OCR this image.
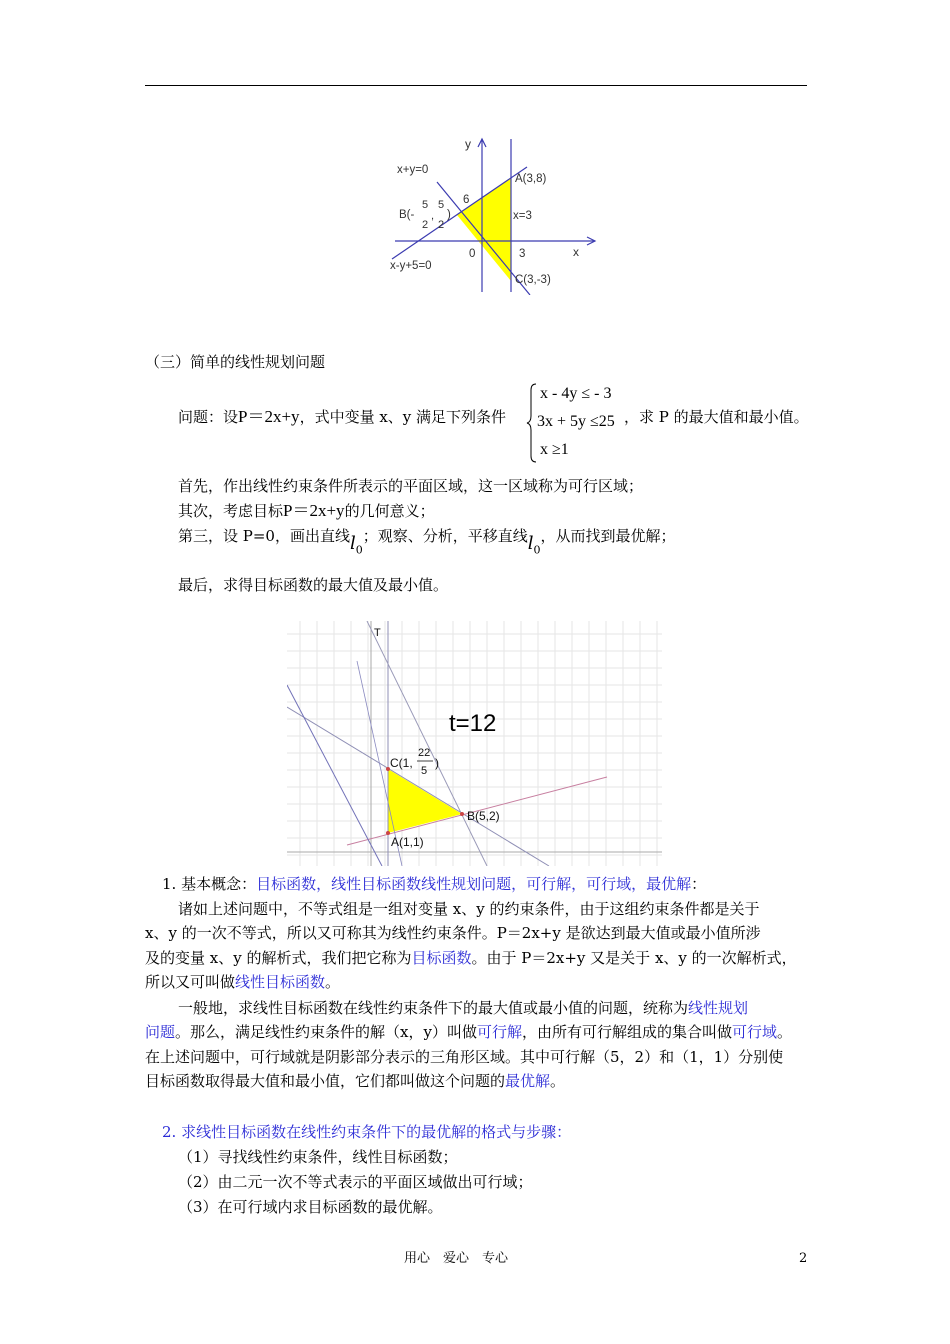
y
x
x+y=0
x-y+5=0
x=3
A(3,8)
C(3,-3)
6
0	3
B(-
5
2
,
5
2
)
（三）简单的线性规划问题
问题：设P＝2x+y，式中变量 x、y 满足下列条件
x - 4y ≤ - 3
3x + 5y ≤25
x ≥1
，求 P 的最大值和最小值。
首先，作出线性约束条件所表示的平面区域，这一区域称为可行区域；
其次，考虑目标P＝2x+y的几何意义；
第三，设 P=0，画出直线$l_0$；观察、分析，平移直线$l_0$，从而找到最优解；
最后，求得目标函数的最大值及最小值。
T
t=12
C(1,
22
5
)
B(5,2)
A(1,1)
1. 基本概念：目标函数，线性目标函数线性规划问题，可行解，可行域，最优解：
诸如上述问题中，不等式组是一组对变量 x、y 的约束条件，由于这组约束条件都是关于
x、y 的一次不等式，所以又可称其为线性约束条件。P＝2x+y 是欲达到最大值或最小值所涉
及的变量 x、y 的解析式，我们把它称为目标函数。由于 P＝2x+y 又是关于 x、y 的一次解析式，
所以又可叫做线性目标函数。
一般地，求线性目标函数在线性约束条件下的最大值或最小值的问题，统称为线性规划
问题。那么，满足线性约束条件的解（x，y）叫做可行解，由所有可行解组成的集合叫做可行域。
在上述问题中，可行域就是阴影部分表示的三角形区域。其中可行解（5，2）和（1，1）分别使
目标函数取得最大值和最小值，它们都叫做这个问题的最优解。
2. 求线性目标函数在线性约束条件下的最优解的格式与步骤：
（1）寻找线性约束条件，线性目标函数；
（2）由二元一次不等式表示的平面区域做出可行域；
（3）在可行域内求目标函数的最优解。
用心　爱心　专心	2
